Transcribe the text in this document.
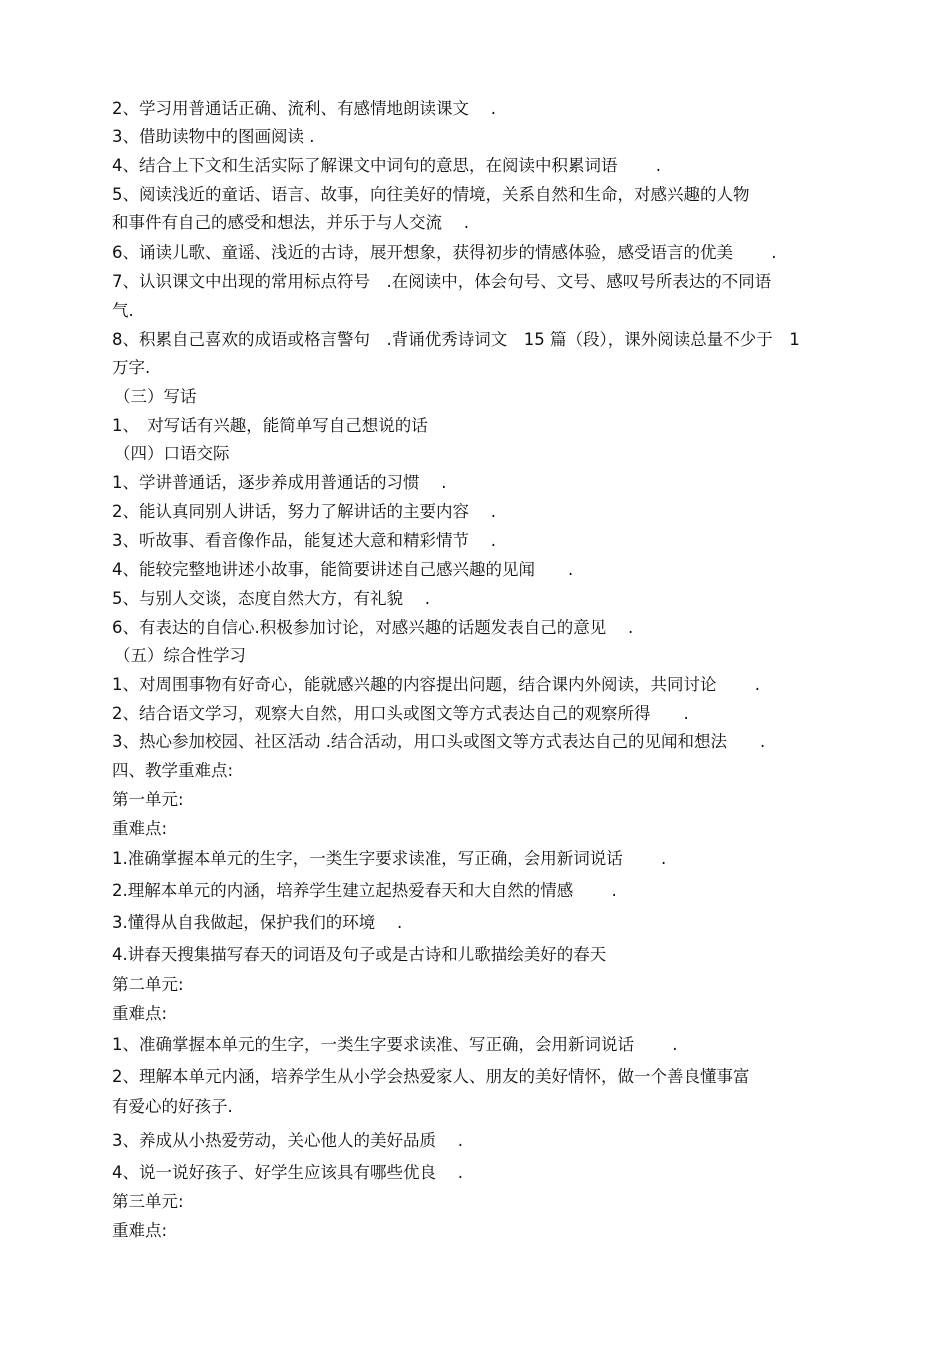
2、学习用普通话正确、流利、有感情地朗读课文　 .
3、借助读物中的图画阅读 .
4、结合上下文和生活实际了解课文中词句的意思，在阅读中积累词语　　 .
5、阅读浅近的童话、语言、故事，向往美好的情境，关系自然和生命，对感兴趣的人物
和事件有自己的感受和想法，并乐于与人交流　 .
6、诵读儿歌、童谣、浅近的古诗，展开想象，获得初步的情感体验，感受语言的优美　　 .
7、认识课文中出现的常用标点符号　.在阅读中，体会句号、文号、感叹号所表达的不同语
气.
8、积累自己喜欢的成语或格言警句　.背诵优秀诗词文　15 篇（段），课外阅读总量不少于　1
万字.
（三）写话
1、　对写话有兴趣，能简单写自己想说的话
（四）口语交际
1、学讲普通话，逐步养成用普通话的习惯　 .
2、能认真同别人讲话，努力了解讲话的主要内容　 .
3、听故事、看音像作品，能复述大意和精彩情节　 .
4、能较完整地讲述小故事，能简要讲述自己感兴趣的见闻　　.
5、与别人交谈，态度自然大方，有礼貌　 .
6、有表达的自信心.积极参加讨论，对感兴趣的话题发表自己的意见　 .
（五）综合性学习
1、对周围事物有好奇心，能就感兴趣的内容提出问题，结合课内外阅读，共同讨论　　 .
2、结合语文学习，观察大自然，用口头或图文等方式表达自己的观察所得　　.
3、热心参加校园、社区活动 .结合活动，用口头或图文等方式表达自己的见闻和想法　　.
四、教学重难点:
第一单元:
重难点:
1.准确掌握本单元的生字，一类生字要求读准，写正确，会用新词说话　　 .
2.理解本单元的内涵，培养学生建立起热爱春天和大自然的情感　　 .
3.懂得从自我做起，保护我们的环境　 .
4.讲春天搜集描写春天的词语及句子或是古诗和儿歌描绘美好的春天
第二单元:
重难点:
1、准确掌握本单元的生字，一类生字要求读准、写正确，会用新词说话　　 .
2、理解本单元内涵，培养学生从小学会热爱家人、朋友的美好情怀，做一个善良懂事富
有爱心的好孩子.
3、养成从小热爱劳动，关心他人的美好品质　 .
4、说一说好孩子、好学生应该具有哪些优良　 .
第三单元:
重难点:
